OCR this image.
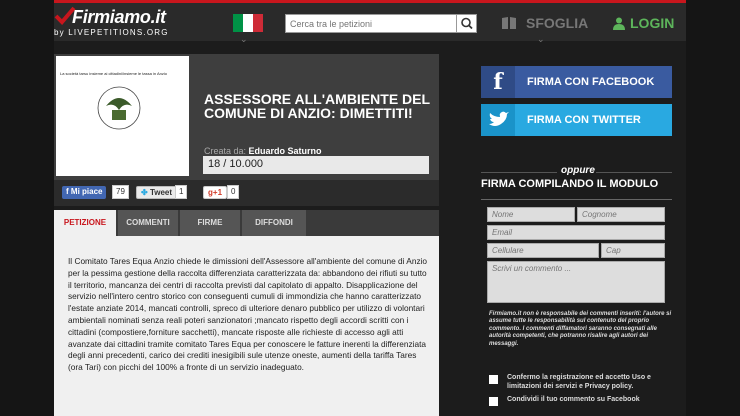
Firmiamo.it
by LIVEPETITIONS.ORG
⌄
Cerca tra le petizioni
SFOGLIA
⌄
LOGIN
La società tarsu insieme ai cittadini/insieme le tassa in Anzio
ASSESSORE ALL'AMBIENTE DEL COMUNE DI ANZIO: DIMETTITI!
Creata da: Eduardo Saturno
18 / 10.000
f Mi piace	79	✤ Tweet 1	g+1	0
PETIZIONE	COMMENTI	FIRME	DIFFONDI
Il Comitato Tares Equa Anzio chiede le dimissioni dell'Assessore all'ambiente del comune di Anzio per la pessima gestione della raccolta differenziata caratterizzata da: abbandono dei rifiuti su tutto il territorio, mancanza dei centri di raccolta previsti dal capitolato di appalto. Disapplicazione del servizio nell'intero centro storico con conseguenti cumuli di immondizia che hanno caratterizzato l'estate anziate 2014, mancati controlli, spreco di ulteriore denaro pubblico per utilizzo di volontari ambientali nominati senza reali poteri sanzionatori ;mancato rispetto degli accordi scritti con i cittadini (compostiere,forniture sacchetti), mancate risposte alle richieste di accesso agli atti avanzate dai cittadini tramite comitato Tares Equa per conoscere le fatture inerenti la differenziata degli anni precedenti, carico dei crediti inesigibili sule utenze oneste, aumenti della tariffa Tares (ora Tari) con picchi del 100% a fronte di un servizio inadeguato.
f	FIRMA CON FACEBOOK
FIRMA CON TWITTER
oppure
FIRMA COMPILANDO IL MODULO
Nome
Cognome
Email
Cellulare
Cap
Scrivi un commento ...
Firmiamo.it non è responsabile dei commenti inseriti: l'autore si assume tutte le responsabilità sul contenuto del proprio commento. I commenti diffamatori saranno consegnati alle autorità competenti, che potranno risalire agli autori dei messaggi.
Confermo la registrazione ed accetto Uso e limitazioni dei servizi e Privacy policy.
Condividi il tuo commento su Facebook
